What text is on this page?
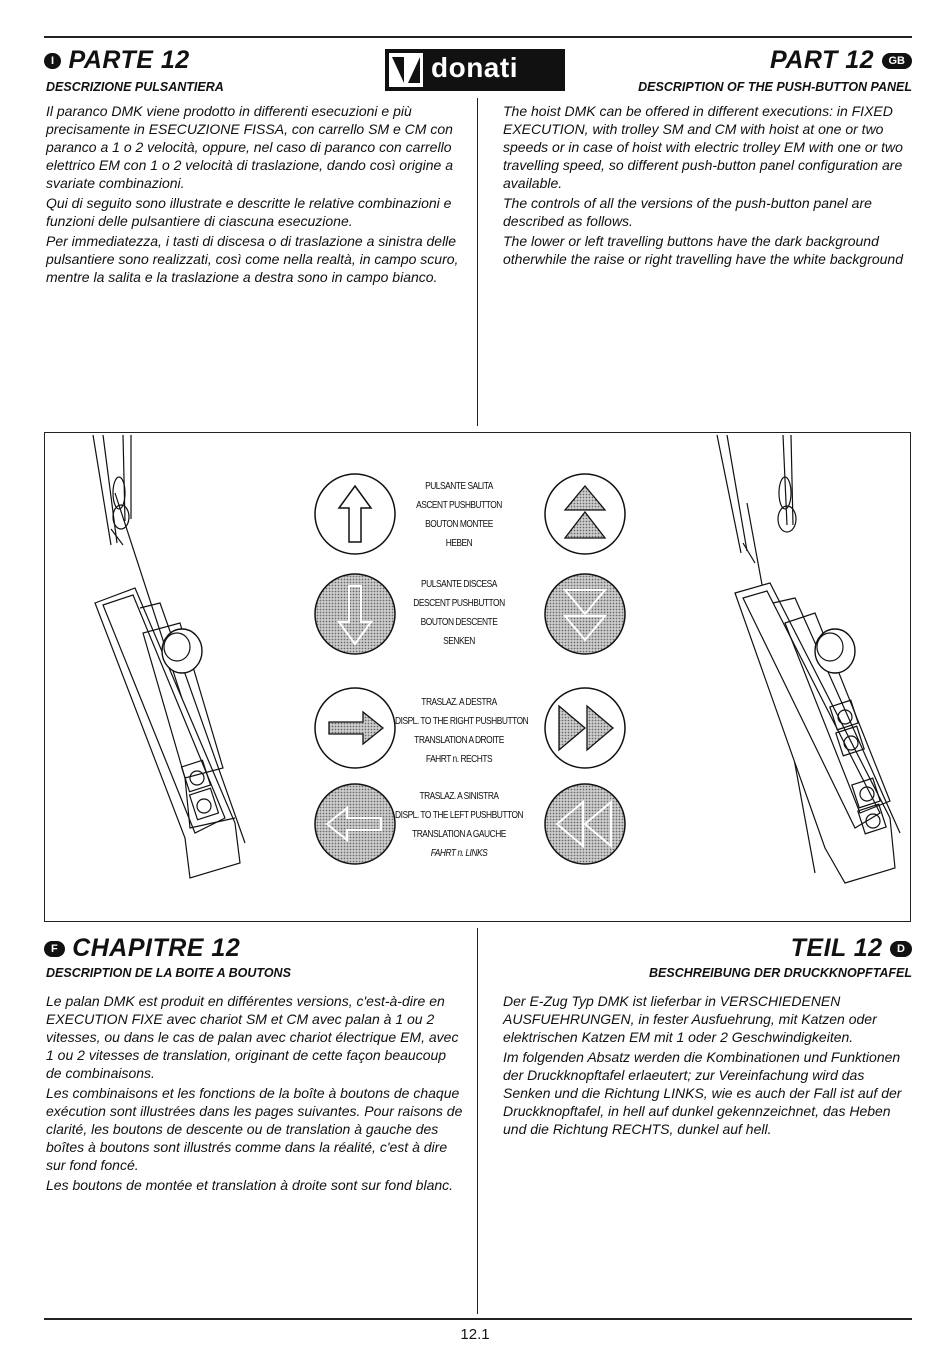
I PARTE 12
DESCRIZIONE PULSANTIERA
donati	PART 12 GB
DESCRIPTION OF THE PUSH-BUTTON PANEL

Il paranco DMK viene prodotto in differenti esecuzioni e più precisamente in ESECUZIONE FISSA, con carrello SM e CM con paranco a 1 o 2 velocità, oppure, nel caso di paranco con carrello elettrico EM con 1 o 2 velocità di traslazione, dando così origine a svariate combinazioni.

Qui di seguito sono illustrate e descritte le relative combinazioni e funzioni delle pulsantiere di ciascuna esecuzione.

Per immediatezza, i tasti di discesa o di traslazione a sinistra delle pulsantiere sono realizzati, così come nella realtà, in campo scuro, mentre la salita e la traslazione a destra sono in campo bianco.

The hoist DMK can be offered in different executions: in FIXED EXECUTION, with trolley SM and CM with hoist at one or two speeds or in case of hoist with electric trolley EM with one or two travelling speed, so different push-button panel configuration are available.

The controls of all the versions of the push-button panel are described as follows.

The lower or left travelling buttons have the dark background otherwhile the raise or right travelling have the white background

PULSANTE SALITA
ASCENT PUSHBUTTON
BOUTON MONTEE
HEBEN
PULSANTE DISCESA
DESCENT PUSHBUTTON
BOUTON DESCENTE
SENKEN
TRASLAZ. A DESTRA
DISPL. TO THE RIGHT PUSHBUTTON
TRANSLATION A DROITE
FAHRT n. RECHTS
TRASLAZ. A SINISTRA
DISPL. TO THE LEFT PUSHBUTTON
TRANSLATION A GAUCHE
FAHRT n. LINKS
F CHAPITRE 12
DESCRIPTION DE LA BOITE A BOUTONS

Le palan DMK est produit en différentes versions, c'est-à-dire en EXECUTION FIXE avec chariot SM et CM avec palan à 1 ou 2 vitesses, ou dans le cas de palan avec chariot électrique EM, avec 1 ou 2 vitesses de translation, originant de cette façon beaucoup de combinaisons.

Les combinaisons et les fonctions de la boîte à boutons de chaque exécution sont illustrées dans les pages suivantes. Pour raisons de clarité, les boutons de descente ou de translation à gauche des boîtes à boutons sont illustrés comme dans la réalité, c'est à dire sur fond foncé.

Les boutons de montée et translation à droite sont sur fond blanc.

TEIL 12 D
BESCHREIBUNG DER DRUCKKNOPFTAFEL

Der E-Zug Typ DMK ist lieferbar in VERSCHIEDENEN AUSFUEHRUNGEN, in fester Ausfuehrung, mit Katzen oder elektrischen Katzen EM mit 1 oder 2 Geschwindigkeiten.

Im folgenden Absatz werden die Kombinationen und Funktionen der Druckknopftafel erlaeutert; zur Vereinfachung wird das Senken und die Richtung LINKS, wie es auch der Fall ist auf der Druckknopftafel, in hell auf dunkel gekennzeichnet, das Heben und die Richtung RECHTS, dunkel auf hell.

12.1
